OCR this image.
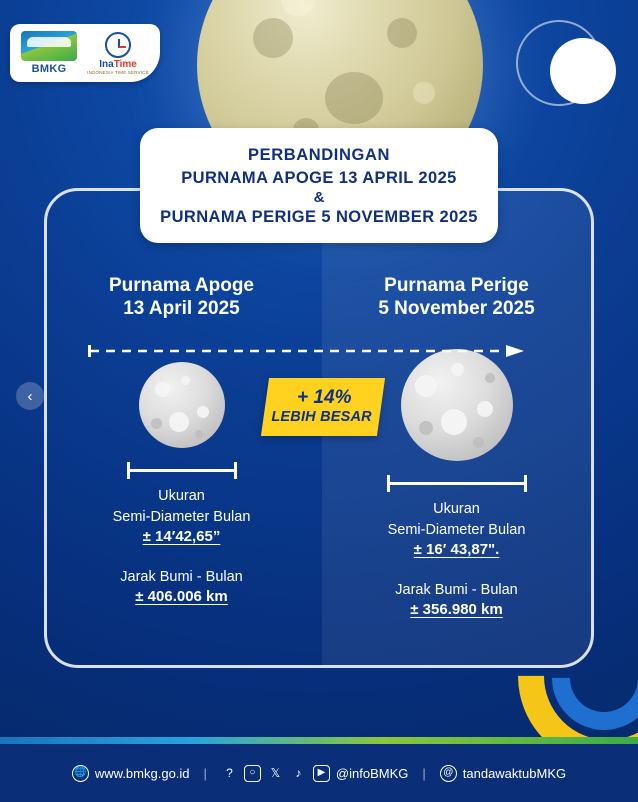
BMKG	InaTime
INDONESIA TIME SERVICE
‹
PERBANDINGAN
PURNAMA APOGE 13 APRIL 2025
&
PURNAMA PERIGE 5 NOVEMBER 2025
Purnama Apoge
13 April 2025
Ukuran
Semi-Diameter Bulan
± 14′42,65”
Jarak Bumi - Bulan
± 406.006 km
Purnama Perige
5 November 2025
Ukuran
Semi-Diameter Bulan
± 16′ 43,87".
Jarak Bumi - Bulan
± 356.980 km
+ 14%
LEBIH BESAR
🌐 www.bmkg.go.id |	?	○	𝕏	♪	▶ @infoBMKG |	@ tandawaktubMKG
